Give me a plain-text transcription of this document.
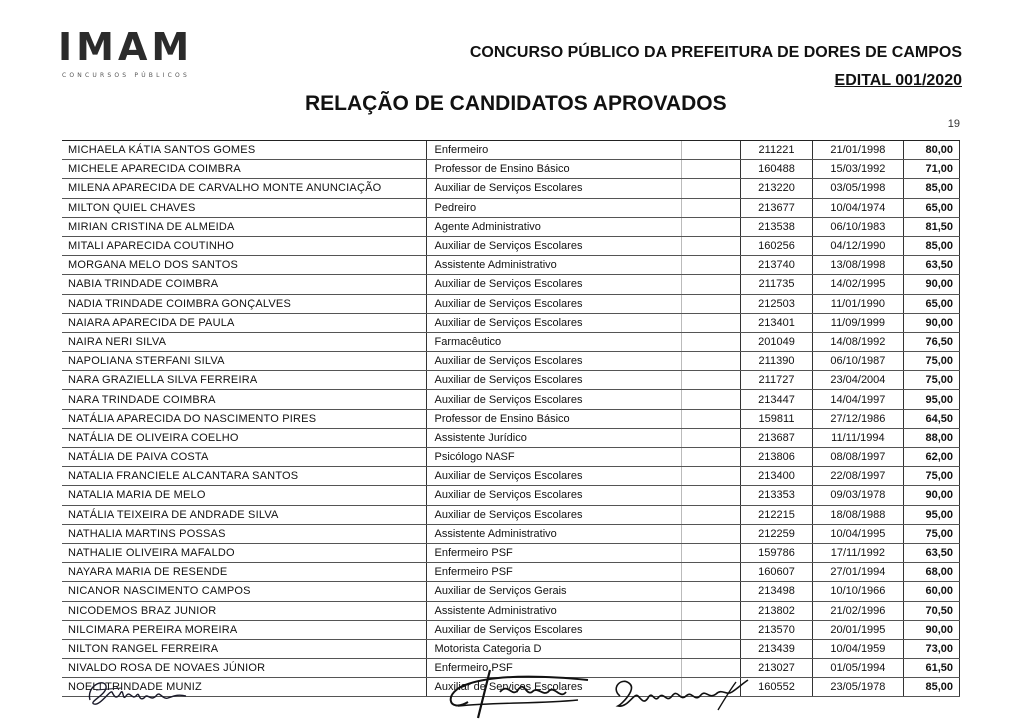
IMAM
CONCURSOS PÚBLICOS
CONCURSO PÚBLICO DA PREFEITURA DE DORES DE CAMPOS
EDITAL 001/2020
RELAÇÃO DE CANDIDATOS APROVADOS
19
MICHAELA KÁTIA SANTOS GOMES	Enfermeiro	211221	21/01/1998	80,00
MICHELE APARECIDA COIMBRA	Professor de Ensino Básico	160488	15/03/1992	71,00
MILENA APARECIDA DE CARVALHO MONTE ANUNCIAÇÃO	Auxiliar de Serviços Escolares	213220	03/05/1998	85,00
MILTON QUIEL CHAVES	Pedreiro	213677	10/04/1974	65,00
MIRIAN CRISTINA DE ALMEIDA	Agente Administrativo	213538	06/10/1983	81,50
MITALI APARECIDA COUTINHO	Auxiliar de Serviços Escolares	160256	04/12/1990	85,00
MORGANA MELO DOS SANTOS	Assistente Administrativo	213740	13/08/1998	63,50
NABIA TRINDADE COIMBRA	Auxiliar de Serviços Escolares	211735	14/02/1995	90,00
NADIA TRINDADE COIMBRA GONÇALVES	Auxiliar de Serviços Escolares	212503	11/01/1990	65,00
NAIARA APARECIDA DE PAULA	Auxiliar de Serviços Escolares	213401	11/09/1999	90,00
NAIRA NERI SILVA	Farmacêutico	201049	14/08/1992	76,50
NAPOLIANA STERFANI SILVA	Auxiliar de Serviços Escolares	211390	06/10/1987	75,00
NARA GRAZIELLA SILVA FERREIRA	Auxiliar de Serviços Escolares	211727	23/04/2004	75,00
NARA TRINDADE COIMBRA	Auxiliar de Serviços Escolares	213447	14/04/1997	95,00
NATÁLIA APARECIDA DO NASCIMENTO PIRES	Professor de Ensino Básico	159811	27/12/1986	64,50
NATÁLIA DE OLIVEIRA COELHO	Assistente Jurídico	213687	11/11/1994	88,00
NATÁLIA DE PAIVA COSTA	Psicólogo NASF	213806	08/08/1997	62,00
NATALIA FRANCIELE ALCANTARA SANTOS	Auxiliar de Serviços Escolares	213400	22/08/1997	75,00
NATALIA MARIA DE MELO	Auxiliar de Serviços Escolares	213353	09/03/1978	90,00
NATÁLIA TEIXEIRA DE ANDRADE SILVA	Auxiliar de Serviços Escolares	212215	18/08/1988	95,00
NATHALIA MARTINS POSSAS	Assistente Administrativo	212259	10/04/1995	75,00
NATHALIE OLIVEIRA MAFALDO	Enfermeiro PSF	159786	17/11/1992	63,50
NAYARA MARIA DE RESENDE	Enfermeiro PSF	160607	27/01/1994	68,00
NICANOR NASCIMENTO CAMPOS	Auxiliar de Serviços Gerais	213498	10/10/1966	60,00
NICODEMOS BRAZ JUNIOR	Assistente Administrativo	213802	21/02/1996	70,50
NILCIMARA PEREIRA MOREIRA	Auxiliar de Serviços Escolares	213570	20/01/1995	90,00
NILTON RANGEL FERREIRA	Motorista Categoria D	213439	10/04/1959	73,00
NIVALDO ROSA DE NOVAES JÚNIOR	Enfermeiro PSF	213027	01/05/1994	61,50
NOELI TRINDADE MUNIZ	Auxiliar de Serviços Escolares	160552	23/05/1978	85,00
